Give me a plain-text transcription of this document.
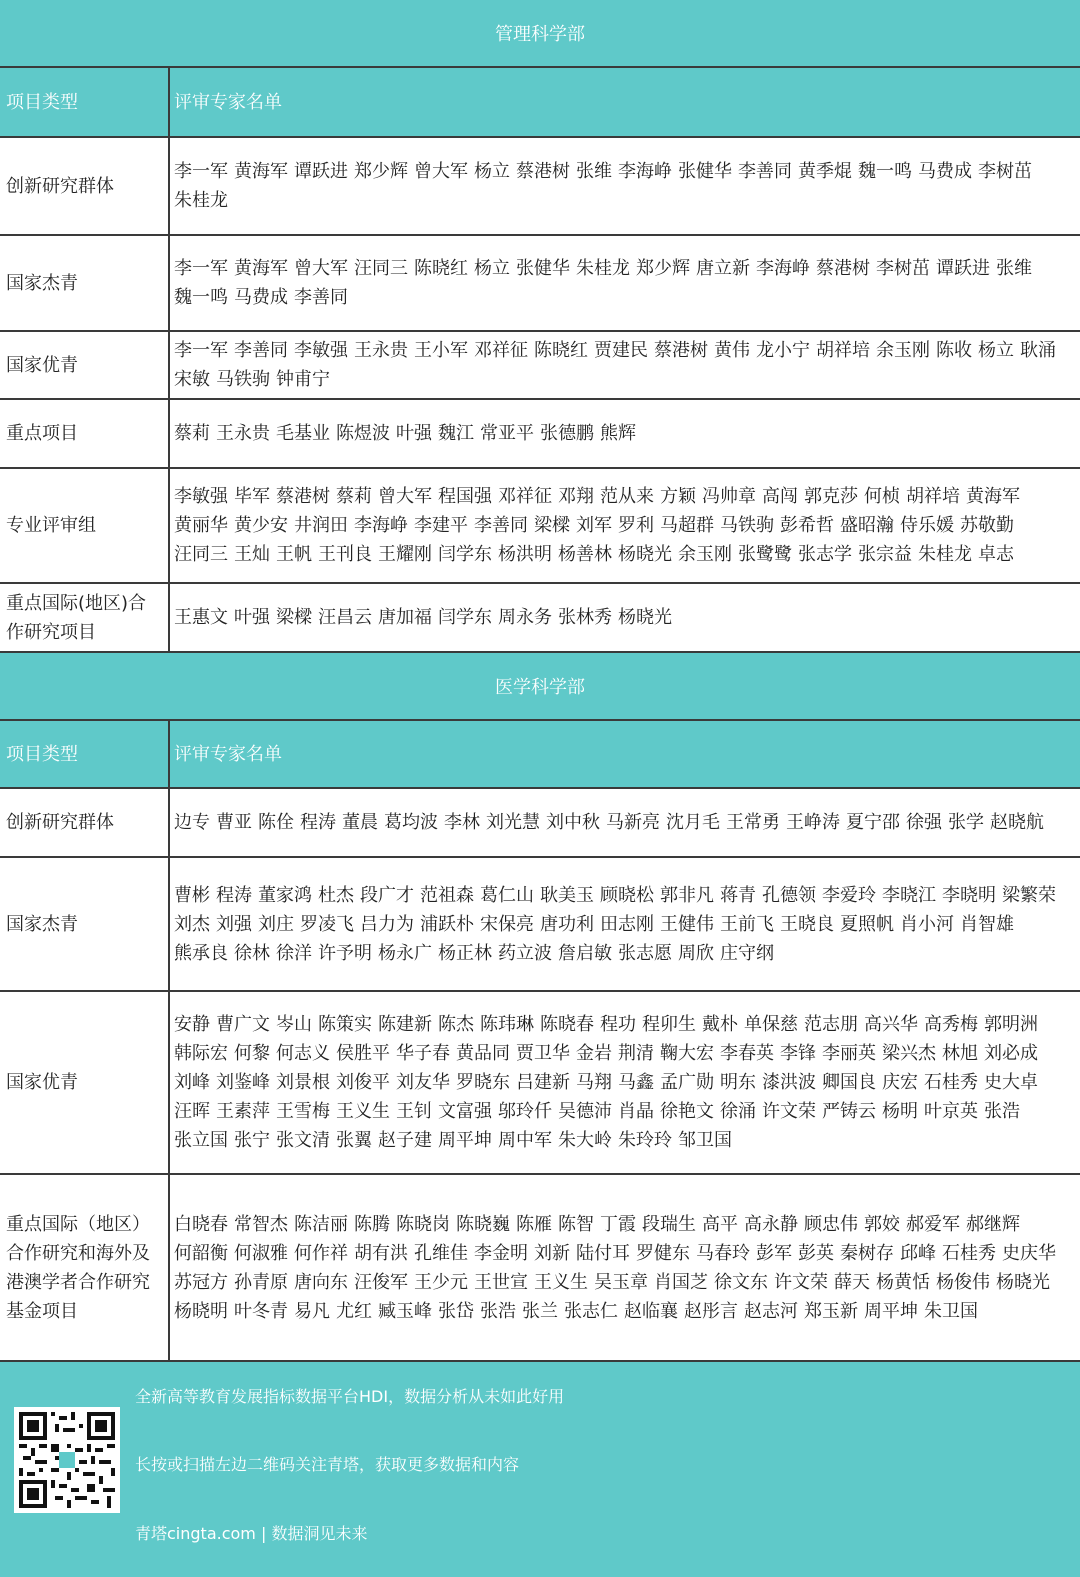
管理科学部
项目类型	评审专家名单
创新研究群体
李一军 黄海军 谭跃进 郑少辉 曾大军 杨立 蔡港树 张维 李海峥 张健华 李善同 黄季焜 魏一鸣 马费成 李树茁朱桂龙
国家杰青
李一军 黄海军 曾大军 汪同三 陈晓红 杨立 张健华 朱桂龙 郑少辉 唐立新 李海峥 蔡港树 李树茁 谭跃进 张维魏一鸣 马费成 李善同
国家优青
李一军 李善同 李敏强 王永贵 王小军 邓祥征 陈晓红 贾建民 蔡港树 黄伟 龙小宁 胡祥培 余玉刚 陈收 杨立 耿涌宋敏 马铁驹 钟甫宁
重点项目	蔡莉 王永贵 毛基业 陈煜波 叶强 魏江 常亚平 张德鹏 熊辉
专业评审组
李敏强 毕军 蔡港树 蔡莉 曾大军 程国强 邓祥征 邓翔 范从来 方颖 冯帅章 高闯 郭克莎 何桢 胡祥培 黄海军黄丽华 黄少安 井润田 李海峥 李建平 李善同 梁樑 刘军 罗利 马超群 马铁驹 彭希哲 盛昭瀚 侍乐媛 苏敬勤汪同三 王灿 王帆 王刊良 王耀刚 闫学东 杨洪明 杨善林 杨晓光 余玉刚 张鹭鹭 张志学 张宗益 朱桂龙 卓志
重点国际(地区)合作研究项目
王惠文 叶强 梁樑 汪昌云 唐加福 闫学东 周永务 张林秀 杨晓光
医学科学部
项目类型	评审专家名单
创新研究群体	边专 曹亚 陈佺 程涛 董晨 葛均波 李林 刘光慧 刘中秋 马新亮 沈月毛 王常勇 王峥涛 夏宁邵 徐强 张学 赵晓航
国家杰青
曹彬 程涛 董家鸿 杜杰 段广才 范祖森 葛仁山 耿美玉 顾晓松 郭非凡 蒋青 孔德领 李爱玲 李晓江 李晓明 梁繁荣刘杰 刘强 刘庄 罗凌飞 吕力为 浦跃朴 宋保亮 唐功利 田志刚 王健伟 王前飞 王晓良 夏照帆 肖小河 肖智雄熊承良 徐林 徐洋 许予明 杨永广 杨正林 药立波 詹启敏 张志愿 周欣 庄守纲
国家优青
安静 曹广文 岑山 陈策实 陈建新 陈杰 陈玮琳 陈晓春 程功 程卯生 戴朴 单保慈 范志朋 高兴华 高秀梅 郭明洲韩际宏 何黎 何志义 侯胜平 华子春 黄品同 贾卫华 金岩 荆清 鞠大宏 李春英 李锋 李丽英 梁兴杰 林旭 刘必成刘峰 刘鉴峰 刘景根 刘俊平 刘友华 罗晓东 吕建新 马翔 马鑫 孟广勋 明东 漆洪波 卿国良 庆宏 石桂秀 史大卓汪晖 王素萍 王雪梅 王义生 王钊 文富强 邬玲仟 吴德沛 肖晶 徐艳文 徐涌 许文荣 严铸云 杨明 叶京英 张浩张立国 张宁 张文清 张翼 赵子建 周平坤 周中军 朱大岭 朱玲玲 邹卫国
重点国际（地区）合作研究和海外及港澳学者合作研究基金项目
白晓春 常智杰 陈洁丽 陈腾 陈晓岗 陈晓巍 陈雁 陈智 丁霞 段瑞生 高平 高永静 顾忠伟 郭姣 郝爱军 郝继辉何韶衡 何淑雅 何作祥 胡有洪 孔维佳 李金明 刘新 陆付耳 罗健东 马春玲 彭军 彭英 秦树存 邱峰 石桂秀 史庆华苏冠方 孙青原 唐向东 汪俊军 王少元 王世宣 王义生 吴玉章 肖国芝 徐文东 许文荣 薛天 杨黄恬 杨俊伟 杨晓光杨晓明 叶冬青 易凡 尤红 臧玉峰 张岱 张浩 张兰 张志仁 赵临襄 赵彤言 赵志河 郑玉新 周平坤 朱卫国
全新高等教育发展指标数据平台HDI，数据分析从未如此好用
长按或扫描左边二维码关注青塔，获取更多数据和内容
青塔cingta.com | 数据洞见未来
